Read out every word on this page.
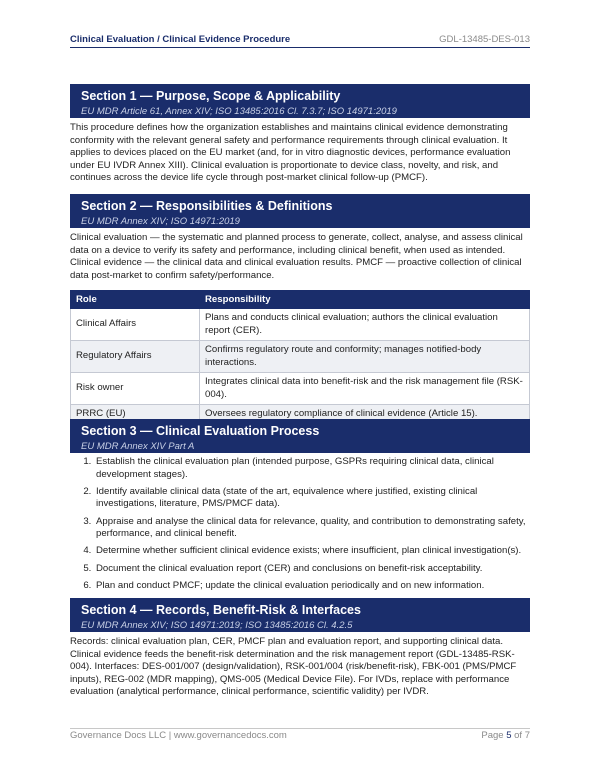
Clinical Evaluation / Clinical Evidence Procedure	GDL-13485-DES-013
Section 1 — Purpose, Scope & Applicability
EU MDR Article 61, Annex XIV; ISO 13485:2016 Cl. 7.3.7; ISO 14971:2019
This procedure defines how the organization establishes and maintains clinical evidence demonstrating conformity with the relevant general safety and performance requirements through clinical evaluation. It applies to devices placed on the EU market (and, for in vitro diagnostic devices, performance evaluation under EU IVDR Annex XIII). Clinical evaluation is proportionate to device class, novelty, and risk, and continues across the device life cycle through post-market clinical follow-up (PMCF).
Section 2 — Responsibilities & Definitions
EU MDR Annex XIV; ISO 14971:2019
Clinical evaluation — the systematic and planned process to generate, collect, analyse, and assess clinical data on a device to verify its safety and performance, including clinical benefit, when used as intended. Clinical evidence — the clinical data and clinical evaluation results. PMCF — proactive collection of clinical data post-market to confirm safety/performance.
Role	Responsibility
Clinical Affairs	Plans and conducts clinical evaluation; authors the clinical evaluation report (CER).
Regulatory Affairs	Confirms regulatory route and conformity; manages notified-body interactions.
Risk owner	Integrates clinical data into benefit-risk and the risk management file (RSK-004).
PRRC (EU)	Oversees regulatory compliance of clinical evidence (Article 15).
Section 3 — Clinical Evaluation Process
EU MDR Annex XIV Part A
1. Establish the clinical evaluation plan (intended purpose, GSPRs requiring clinical data, clinical development stages).
2. Identify available clinical data (state of the art, equivalence where justified, existing clinical investigations, literature, PMS/PMCF data).
3. Appraise and analyse the clinical data for relevance, quality, and contribution to demonstrating safety, performance, and clinical benefit.
4. Determine whether sufficient clinical evidence exists; where insufficient, plan clinical investigation(s).
5. Document the clinical evaluation report (CER) and conclusions on benefit-risk acceptability.
6. Plan and conduct PMCF; update the clinical evaluation periodically and on new information.
Section 4 — Records, Benefit-Risk & Interfaces
EU MDR Annex XIV; ISO 14971:2019; ISO 13485:2016 Cl. 4.2.5
Records: clinical evaluation plan, CER, PMCF plan and evaluation report, and supporting clinical data. Clinical evidence feeds the benefit-risk determination and the risk management report (GDL-13485-RSK-004). Interfaces: DES-001/007 (design/validation), RSK-001/004 (risk/benefit-risk), FBK-001 (PMS/PMCF inputs), REG-002 (MDR mapping), QMS-005 (Medical Device File). For IVDs, replace with performance evaluation (analytical performance, clinical performance, scientific validity) per IVDR.
Governance Docs LLC | www.governancedocs.com	Page 5 of 7
